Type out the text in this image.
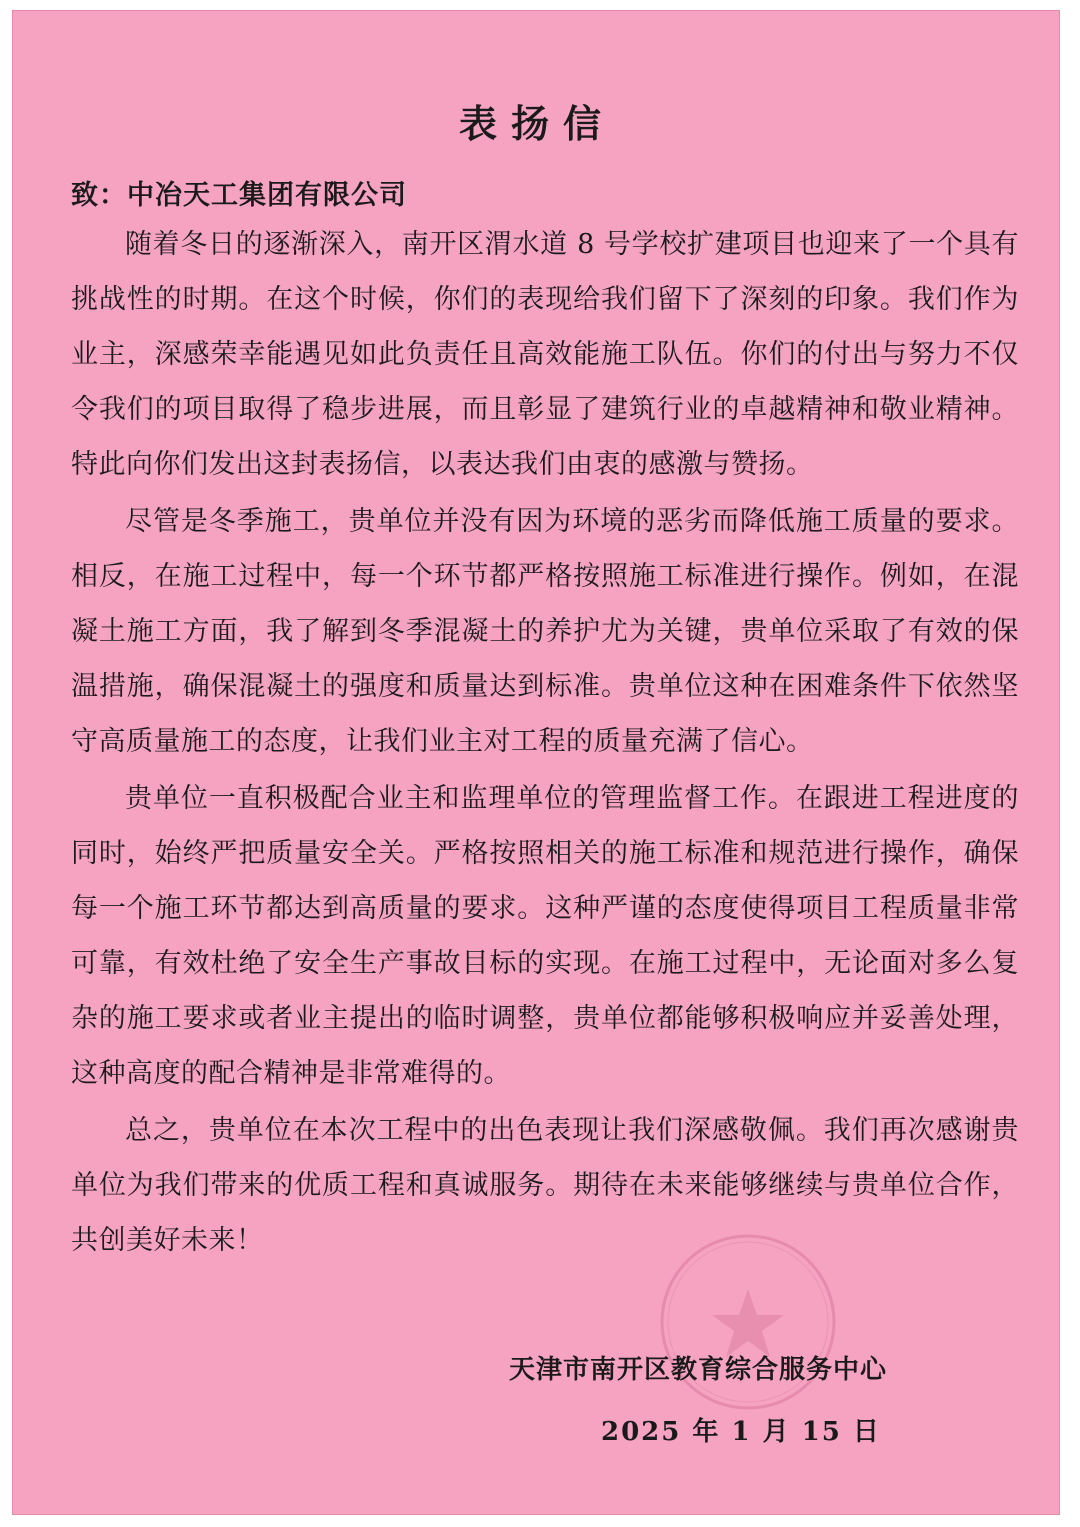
表扬信
致：中冶天工集团有限公司

随着冬日的逐渐深入，南开区渭水道 8 号学校扩建项目也迎来了一个具有挑战性的时期。在这个时候，你们的表现给我们留下了深刻的印象。我们作为业主，深感荣幸能遇见如此负责任且高效能施工队伍。你们的付出与努力不仅令我们的项目取得了稳步进展，而且彰显了建筑行业的卓越精神和敬业精神。特此向你们发出这封表扬信，以表达我们由衷的感激与赞扬。

尽管是冬季施工，贵单位并没有因为环境的恶劣而降低施工质量的要求。相反，在施工过程中，每一个环节都严格按照施工标准进行操作。例如，在混凝土施工方面，我了解到冬季混凝土的养护尤为关键，贵单位采取了有效的保温措施，确保混凝土的强度和质量达到标准。贵单位这种在困难条件下依然坚守高质量施工的态度，让我们业主对工程的质量充满了信心。

贵单位一直积极配合业主和监理单位的管理监督工作。在跟进工程进度的同时，始终严把质量安全关。严格按照相关的施工标准和规范进行操作，确保每一个施工环节都达到高质量的要求。这种严谨的态度使得项目工程质量非常可靠，有效杜绝了安全生产事故目标的实现。在施工过程中，无论面对多么复杂的施工要求或者业主提出的临时调整，贵单位都能够积极响应并妥善处理，这种高度的配合精神是非常难得的。

总之，贵单位在本次工程中的出色表现让我们深感敬佩。我们再次感谢贵单位为我们带来的优质工程和真诚服务。期待在未来能够继续与贵单位合作，共创美好未来！

天津市南开区教育综合服务中心
2025 年 1 月 15 日
